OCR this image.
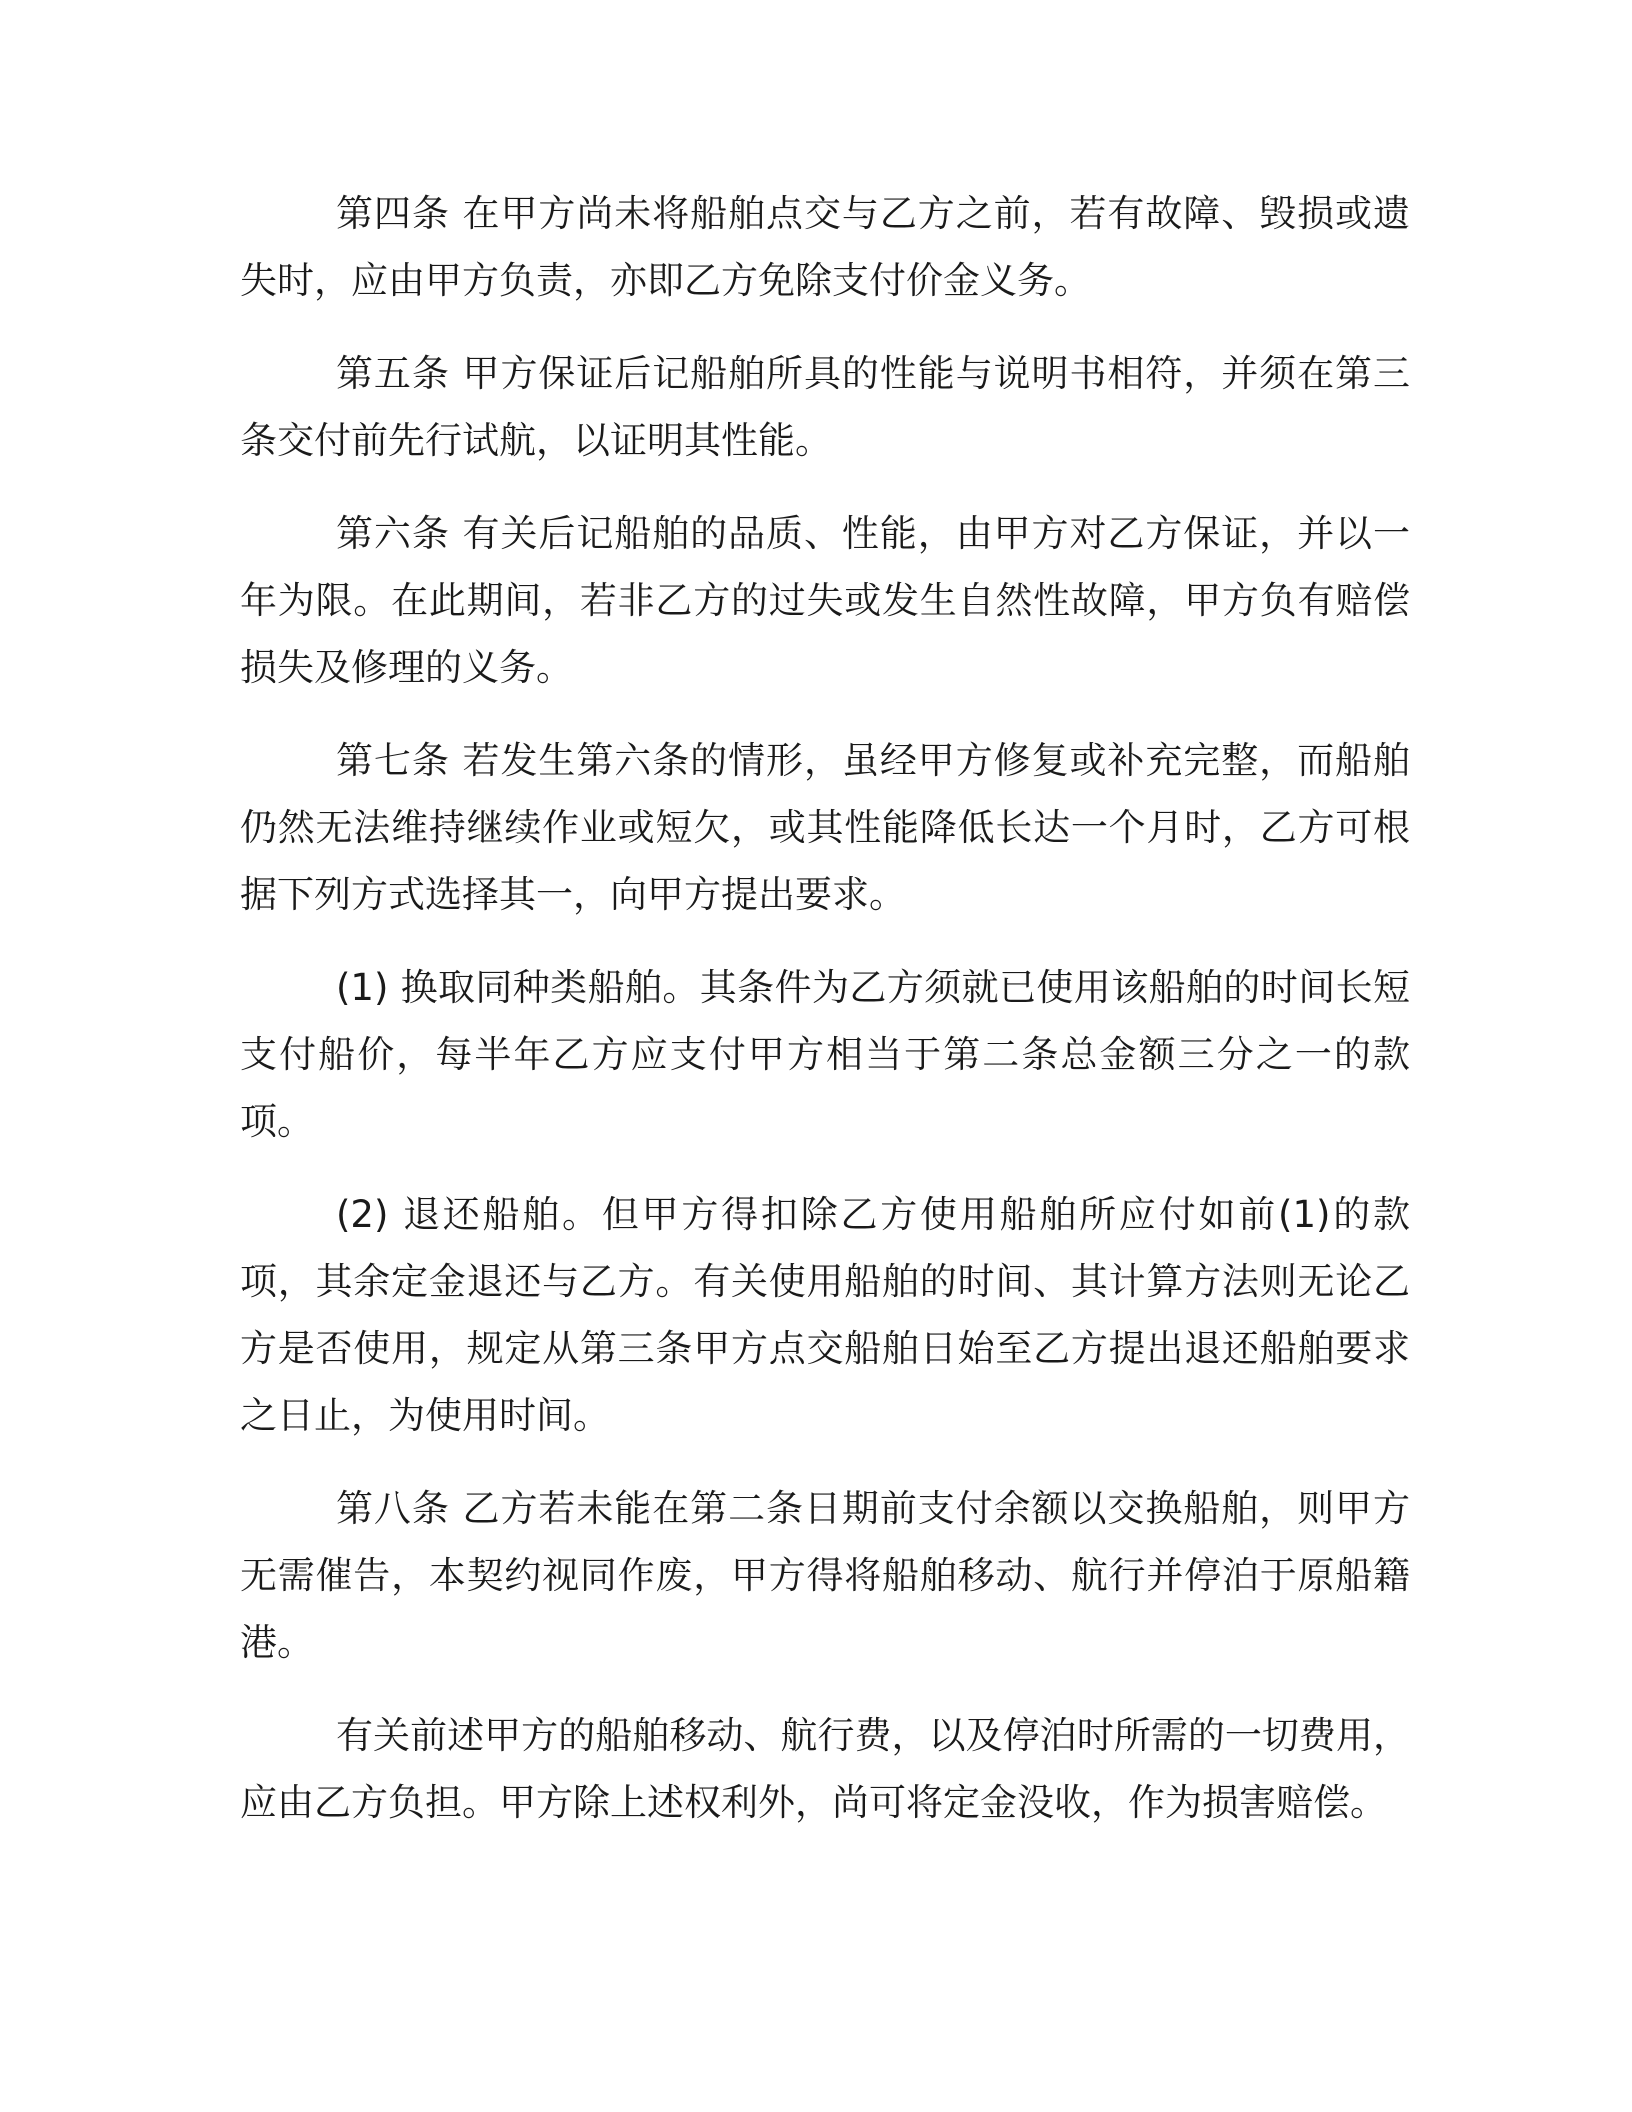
第四条 在甲方尚未将船舶点交与乙方之前，若有故障、毁损或遗失时，应由甲方负责，亦即乙方免除支付价金义务。

第五条 甲方保证后记船舶所具的性能与说明书相符，并须在第三条交付前先行试航，以证明其性能。

第六条 有关后记船舶的品质、性能，由甲方对乙方保证，并以一年为限。在此期间，若非乙方的过失或发生自然性故障，甲方负有赔偿损失及修理的义务。

第七条 若发生第六条的情形，虽经甲方修复或补充完整，而船舶仍然无法维持继续作业或短欠，或其性能降低长达一个月时，乙方可根据下列方式选择其一，向甲方提出要求。

(1) 换取同种类船舶。其条件为乙方须就已使用该船舶的时间长短支付船价，每半年乙方应支付甲方相当于第二条总金额三分之一的款项。

(2) 退还船舶。但甲方得扣除乙方使用船舶所应付如前(1)的款项，其余定金退还与乙方。有关使用船舶的时间、其计算方法则无论乙方是否使用，规定从第三条甲方点交船舶日始至乙方提出退还船舶要求之日止，为使用时间。

第八条 乙方若未能在第二条日期前支付余额以交换船舶，则甲方无需催告，本契约视同作废，甲方得将船舶移动、航行并停泊于原船籍港。

有关前述甲方的船舶移动、航行费，以及停泊时所需的一切费用，应由乙方负担。甲方除上述权利外，尚可将定金没收，作为损害赔偿。
